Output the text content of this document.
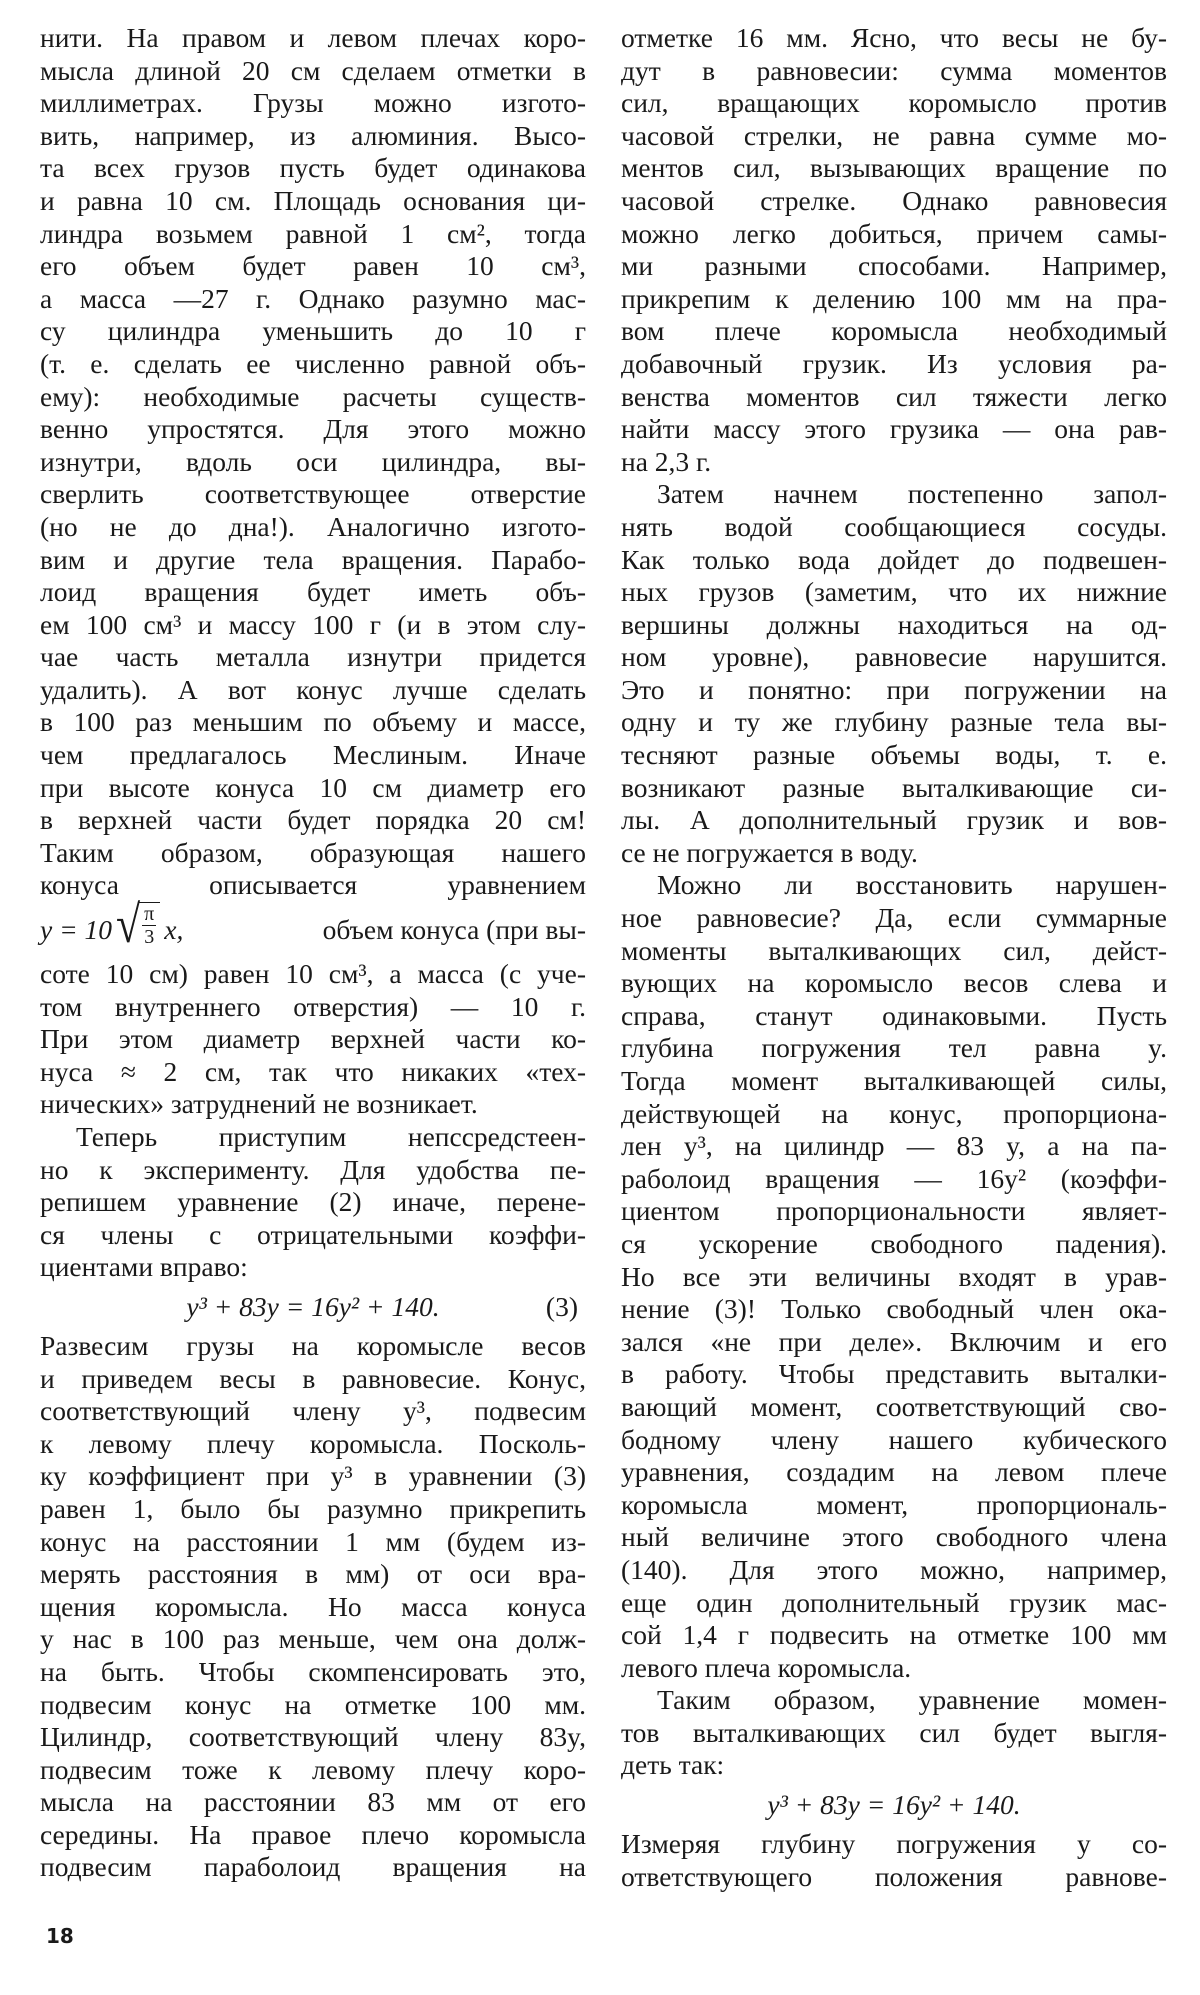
нити. На правом и левом плечах коро-
мысла длиной 20 см сделаем отметки в
миллиметрах. Грузы можно изгото-
вить, например, из алюминия. Высо-
та всех грузов пусть будет одинакова
и равна 10 см. Площадь основания ци-
линдра возьмем равной 1 см², тогда
его объем будет равен 10 см³,
а масса —27 г. Однако разумно мас-
су цилиндра уменьшить до 10 г
(т. е. сделать ее численно равной объ-
ему): необходимые расчеты существ-
венно упростятся. Для этого можно
изнутри, вдоль оси цилиндра, вы-
сверлить соответствующее отверстие
(но не до дна!). Аналогично изгото-
вим и другие тела вращения. Парабо-
лоид вращения будет иметь объ-
ем 100 см³ и массу 100 г (и в этом слу-
чае часть металла изнутри придется
удалить). А вот конус лучше сделать
в 100 раз меньшим по объему и массе,
чем предлагалось Меслиным. Иначе
при высоте конуса 10 см диаметр его
в верхней части будет порядка 20 см!
Таким образом, образующая нашего
конуса описывается уравнением
y = 10 √
$\frac{\pi}{3} x$,	объем конуса (при вы-
соте 10 см) равен 10 см³, а масса (с уче-
том внутреннего отверстия) — 10 г.
При этом диаметр верхней части ко-
нуса ≈ 2 см, так что никаких «тех-
нических» затруднений не возникает.
Теперь приступим непссредстеен-
но к эксперименту. Для удобства пе-
репишем уравнение (2) иначе, перене-
ся члены с отрицательными коэффи-
циентами вправо:
y³ + 83y = 16y² + 140.	(3)
Развесим грузы на коромысле весов
и приведем весы в равновесие. Конус,
соответствующий члену y³, подвесим
к левому плечу коромысла. Посколь-
ку коэффициент при y³ в уравнении (3)
равен 1, было бы разумно прикрепить
конус на расстоянии 1 мм (будем из-
мерять расстояния в мм) от оси вра-
щения коромысла. Но масса конуса
у нас в 100 раз меньше, чем она долж-
на быть. Чтобы скомпенсировать это,
подвесим конус на отметке 100 мм.
Цилиндр, соответствующий члену 83y,
подвесим тоже к левому плечу коро-
мысла на расстоянии 83 мм от его
середины. На правое плечо коромысла
подвесим параболоид вращения на
отметке 16 мм. Ясно, что весы не бу-
дут в равновесии: сумма моментов
сил, вращающих коромысло против
часовой стрелки, не равна сумме мо-
ментов сил, вызывающих вращение по
часовой стрелке. Однако равновесия
можно легко добиться, причем самы-
ми разными способами. Например,
прикрепим к делению 100 мм на пра-
вом плече коромысла необходимый
добавочный грузик. Из условия ра-
венства моментов сил тяжести легко
найти массу этого грузика — она рав-
на 2,3 г.
Затем начнем постепенно запол-
нять водой сообщающиеся сосуды.
Как только вода дойдет до подвешен-
ных грузов (заметим, что их нижние
вершины должны находиться на од-
ном уровне), равновесие нарушится.
Это и понятно: при погружении на
одну и ту же глубину разные тела вы-
тесняют разные объемы воды, т. е.
возникают разные выталкивающие си-
лы. А дополнительный грузик и вов-
се не погружается в воду.
Можно ли восстановить нарушен-
ное равновесие? Да, если суммарные
моменты выталкивающих сил, дейст-
вующих на коромысло весов слева и
справа, станут одинаковыми. Пусть
глубина погружения тел равна y.
Тогда момент выталкивающей силы,
действующей на конус, пропорциона-
лен y³, на цилиндр — 83 y, а на па-
раболоид вращения — 16y² (коэффи-
циентом пропорциональности являет-
ся ускорение свободного падения).
Но все эти величины входят в урав-
нение (3)! Только свободный член ока-
зался «не при деле». Включим и его
в работу. Чтобы представить выталки-
вающий момент, соответствующий сво-
бодному члену нашего кубического
уравнения, создадим на левом плече
коромысла момент, пропорциональ-
ный величине этого свободного члена
(140). Для этого можно, например,
еще один дополнительный грузик мас-
сой 1,4 г подвесить на отметке 100 мм
левого плеча коромысла.
Таким образом, уравнение момен-
тов выталкивающих сил будет выгля-
деть так:
y³ + 83y = 16y² + 140.
Измеряя глубину погружения y со-
ответствующего положения равнове-
18
